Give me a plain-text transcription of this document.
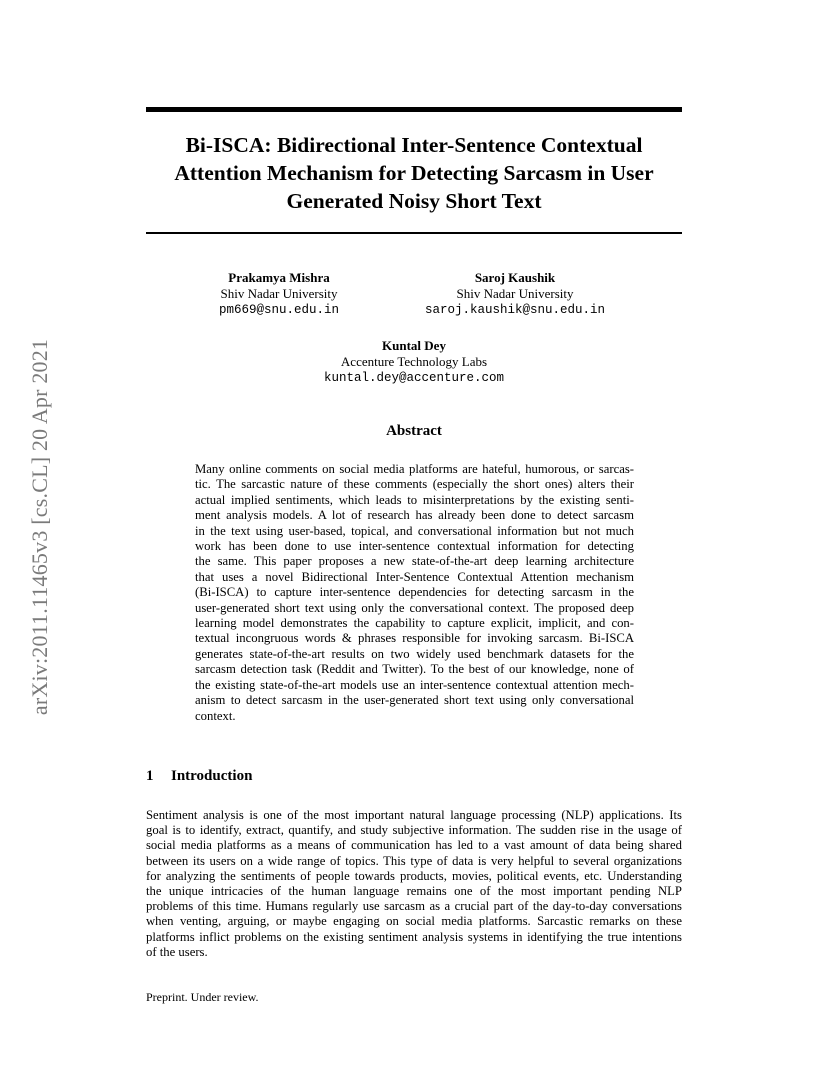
arXiv:2011.11465v3 [cs.CL] 20 Apr 2021
Bi-ISCA: Bidirectional Inter-Sentence Contextual
Attention Mechanism for Detecting Sarcasm in User
Generated Noisy Short Text
Prakamya Mishra
Shiv Nadar University
pm669@snu.edu.in
Saroj Kaushik
Shiv Nadar University
saroj.kaushik@snu.edu.in
Kuntal Dey
Accenture Technology Labs
kuntal.dey@accenture.com
Abstract
Many online comments on social media platforms are hateful, humorous, or sarcas-
tic. The sarcastic nature of these comments (especially the short ones) alters their
actual implied sentiments, which leads to misinterpretations by the existing senti-
ment analysis models. A lot of research has already been done to detect sarcasm
in the text using user-based, topical, and conversational information but not much
work has been done to use inter-sentence contextual information for detecting
the same. This paper proposes a new state-of-the-art deep learning architecture
that uses a novel Bidirectional Inter-Sentence Contextual Attention mechanism
(Bi-ISCA) to capture inter-sentence dependencies for detecting sarcasm in the
user-generated short text using only the conversational context. The proposed deep
learning model demonstrates the capability to capture explicit, implicit, and con-
textual incongruous words & phrases responsible for invoking sarcasm. Bi-ISCA
generates state-of-the-art results on two widely used benchmark datasets for the
sarcasm detection task (Reddit and Twitter). To the best of our knowledge, none of
the existing state-of-the-art models use an inter-sentence contextual attention mech-
anism to detect sarcasm in the user-generated short text using only conversational
context.
1 Introduction
Sentiment analysis is one of the most important natural language processing (NLP) applications. Its
goal is to identify, extract, quantify, and study subjective information. The sudden rise in the usage of
social media platforms as a means of communication has led to a vast amount of data being shared
between its users on a wide range of topics. This type of data is very helpful to several organizations
for analyzing the sentiments of people towards products, movies, political events, etc. Understanding
the unique intricacies of the human language remains one of the most important pending NLP
problems of this time. Humans regularly use sarcasm as a crucial part of the day-to-day conversations
when venting, arguing, or maybe engaging on social media platforms. Sarcastic remarks on these
platforms inflict problems on the existing sentiment analysis systems in identifying the true intentions
of the users.
Preprint. Under review.
